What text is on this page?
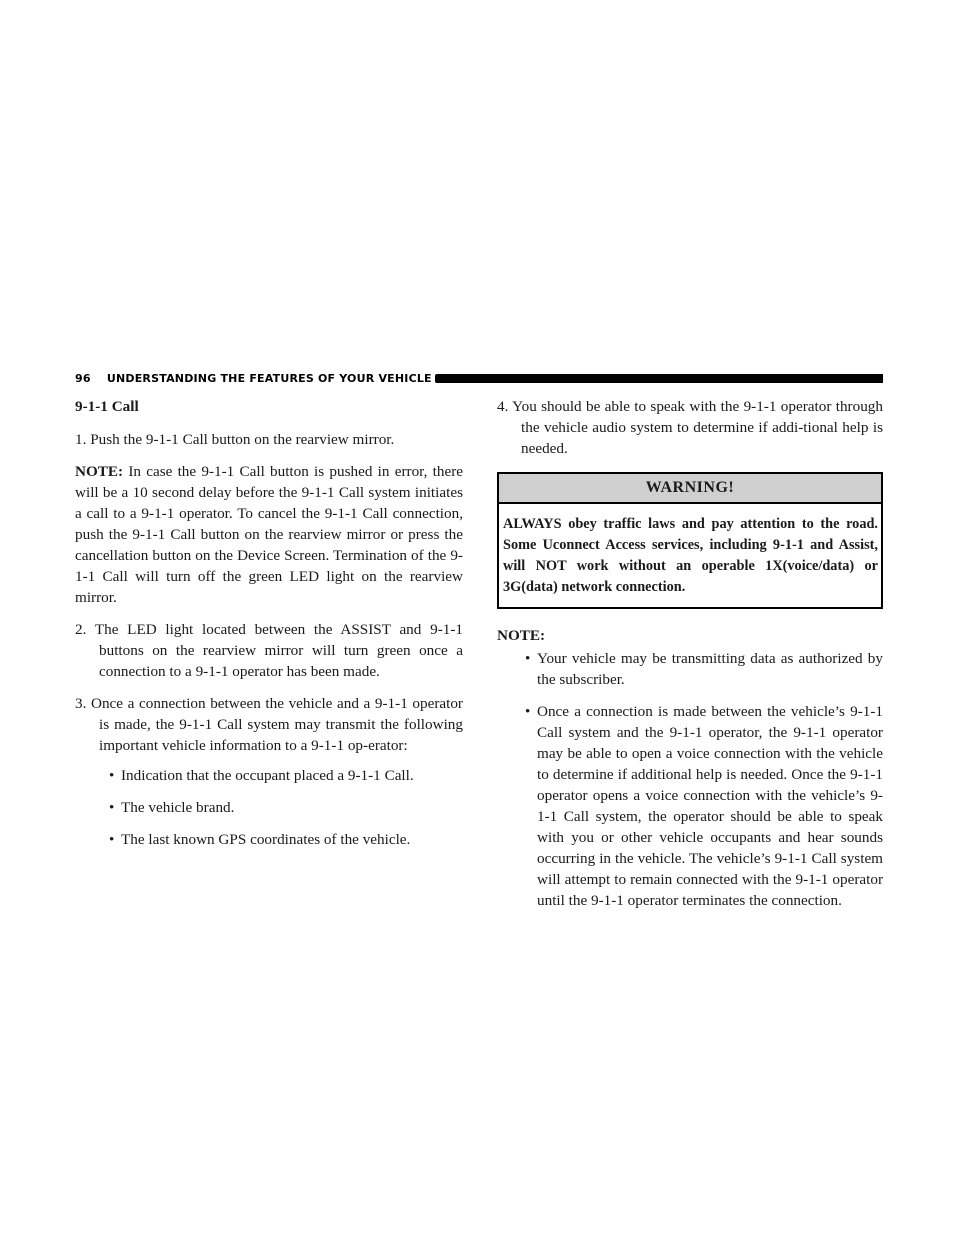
96 UNDERSTANDING THE FEATURES OF YOUR VEHICLE

9-1-1 Call

1. Push the 9-1-1 Call button on the rearview mirror.

NOTE: In case the 9-1-1 Call button is pushed in error, there will be a 10 second delay before the 9-1-1 Call system initiates a call to a 9-1-1 operator. To cancel the 9-1-1 Call connection, push the 9-1-1 Call button on the rearview mirror or press the cancellation button on the Device Screen. Termination of the 9-1-1 Call will turn off the green LED light on the rearview mirror.

2. The LED light located between the ASSIST and 9-1-1 buttons on the rearview mirror will turn green once a connection to a 9-1-1 operator has been made.

3. Once a connection between the vehicle and a 9-1-1 operator is made, the 9-1-1 Call system may transmit the following important vehicle information to a 9-1-1 op-erator:

• Indication that the occupant placed a 9-1-1 Call.
• The vehicle brand.
• The last known GPS coordinates of the vehicle.

4. You should be able to speak with the 9-1-1 operator through the vehicle audio system to determine if addi-tional help is needed.

WARNING!
ALWAYS obey traffic laws and pay attention to the road. Some Uconnect Access services, including 9-1-1 and Assist, will NOT work without an operable 1X(voice/data) or 3G(data) network connection.

NOTE:

• Your vehicle may be transmitting data as authorized by the subscriber.
• Once a connection is made between the vehicle’s 9-1-1 Call system and the 9-1-1 operator, the 9-1-1 operator may be able to open a voice connection with the vehicle to determine if additional help is needed. Once the 9-1-1 operator opens a voice connection with the vehicle’s 9-1-1 Call system, the operator should be able to speak with you or other vehicle occupants and hear sounds occurring in the vehicle. The vehicle’s 9-1-1 Call system will attempt to remain connected with the 9-1-1 operator until the 9-1-1 operator terminates the connection.
